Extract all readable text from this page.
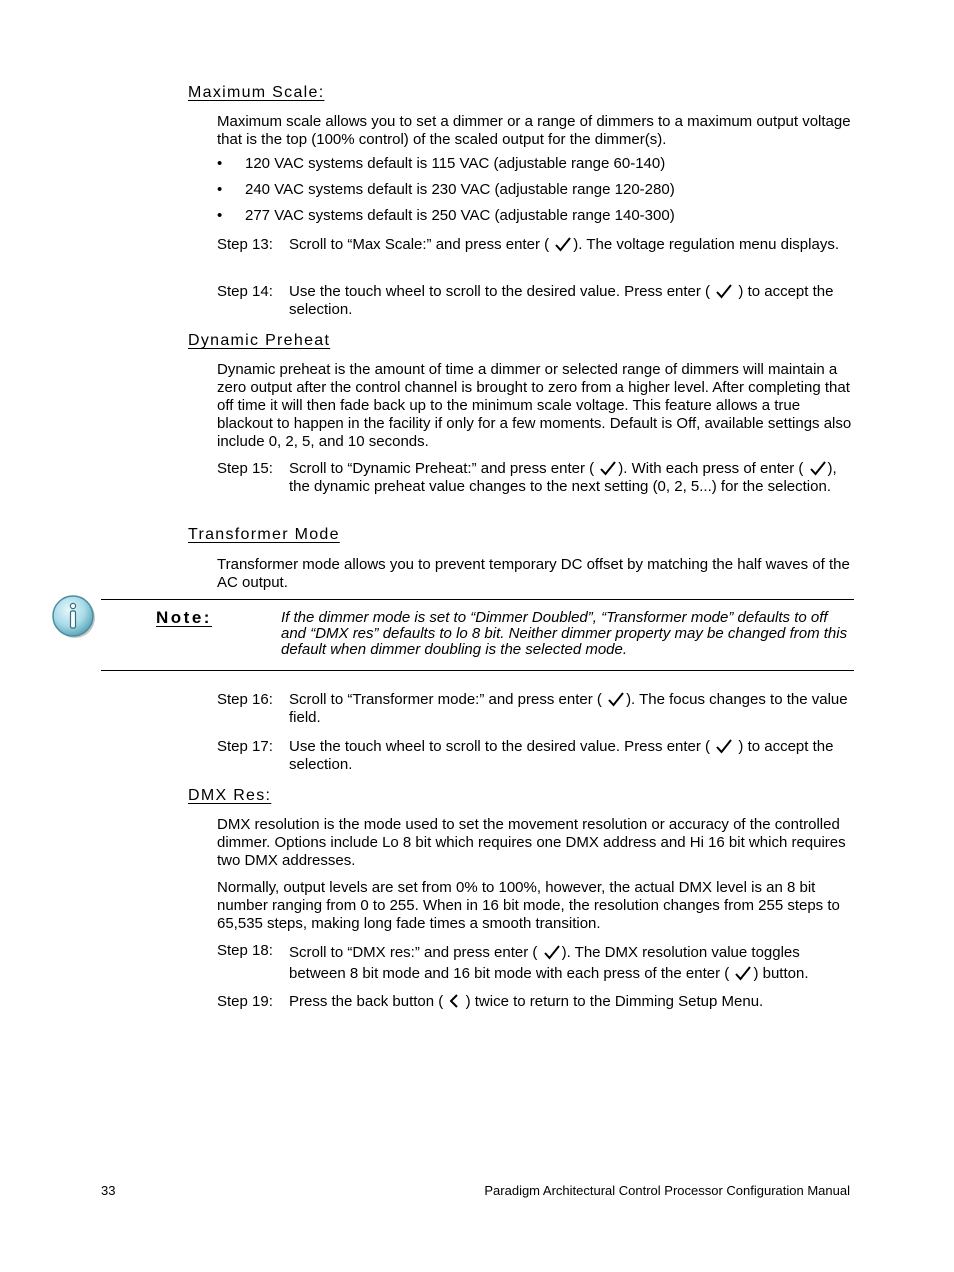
Maximum Scale:
Maximum scale allows you to set a dimmer or a range of dimmers to a maximum output voltage that is the top (100% control) of the scaled output for the dimmer(s).
• 120 VAC systems default is 115 VAC (adjustable range 60-140)
• 240 VAC systems default is 230 VAC (adjustable range 120-280)
• 277 VAC systems default is 250 VAC (adjustable range 140-300)
Step 13: Scroll to “Max Scale:” and press enter ( ). The voltage regulation menu displays.
Step 14: Use the touch wheel to scroll to the desired value. Press enter ( ) to accept the selection.
Dynamic Preheat
Dynamic preheat is the amount of time a dimmer or selected range of dimmers will maintain a zero output after the control channel is brought to zero from a higher level. After completing that off time it will then fade back up to the minimum scale voltage. This feature allows a true blackout to happen in the facility if only for a few moments. Default is Off, available settings also include 0, 2, 5, and 10 seconds.
Step 15: Scroll to “Dynamic Preheat:” and press enter ( ). With each press of enter ( ), the dynamic preheat value changes to the next setting (0, 2, 5...) for the selection.
Transformer Mode
Transformer mode allows you to prevent temporary DC offset by matching the half waves of the AC output.
Note:	If the dimmer mode is set to “Dimmer Doubled”, “Transformer mode” defaults to off and “DMX res” defaults to lo 8 bit. Neither dimmer property may be changed from this default when dimmer doubling is the selected mode.
Step 16: Scroll to “Transformer mode:” and press enter ( ). The focus changes to the value field.
Step 17: Use the touch wheel to scroll to the desired value. Press enter ( ) to accept the selection.
DMX Res:
DMX resolution is the mode used to set the movement resolution or accuracy of the controlled dimmer. Options include Lo 8 bit which requires one DMX address and Hi 16 bit which requires two DMX addresses.
Normally, output levels are set from 0% to 100%, however, the actual DMX level is an 8 bit number ranging from 0 to 255. When in 16 bit mode, the resolution changes from 255 steps to 65,535 steps, making long fade times a smooth transition.
Step 18: Scroll to “DMX res:” and press enter ( ). The DMX resolution value toggles between 8 bit mode and 16 bit mode with each press of the enter ( ) button.
Step 19: Press the back button ( ) twice to return to the Dimming Setup Menu.
33	Paradigm Architectural Control Processor Configuration Manual
